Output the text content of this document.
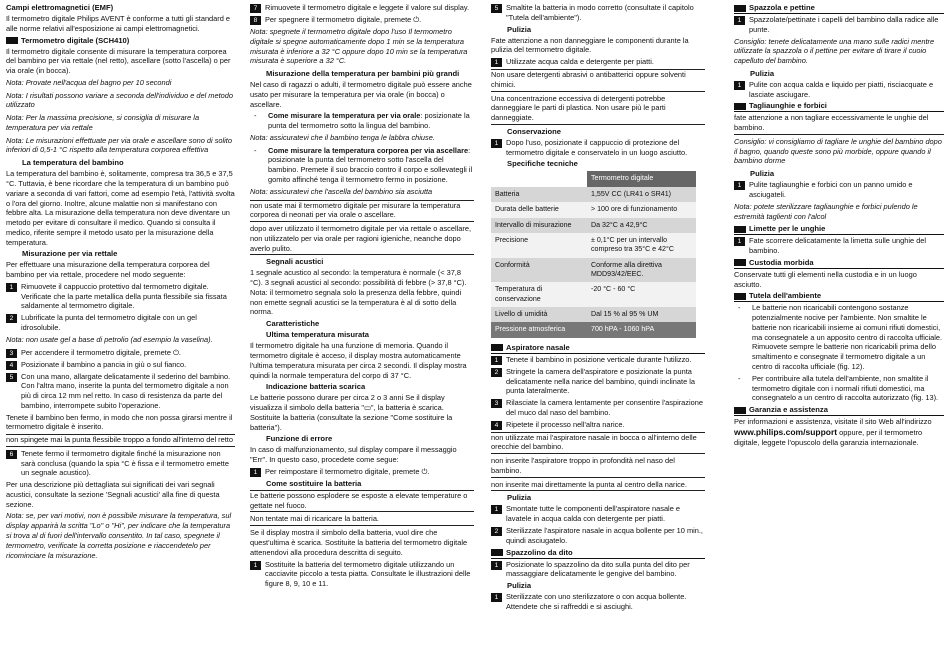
Campi elettromagnetici (EMF)

Il termometro digitale Philips AVENT è conforme a tutti gli standard e alle norme relativi all'esposizione ai campi elettromagnetici.

Termometro digitale (SCH410)

Il termometro digitale consente di misurare la temperatura corporea del bambino per via rettale (nel retto), ascellare (sotto l'ascella) o per via orale (in bocca).

Nota: Provate nell'acqua del bagno per 10 secondi

Nota: I risultati possono variare a seconda dell'individuo e del metodo utilizzato

Nota: Per la massima precisione, si consiglia di misurare la temperatura per via rettale

Nota: Le misurazioni effettuate per via orale e ascellare sono di solito inferiori di 0,5-1 °C rispetto alla temperatura corporea effettiva

La temperatura del bambino

La temperatura del bambino è, solitamente, compresa tra 36,5 e 37,5 °C. Tuttavia, è bene ricordare che la temperatura di un bambino può variare a seconda di vari fattori, come ad esempio l'età, l'attività svolta o l'ora del giorno. Inoltre, alcune malattie non si manifestano con febbre alta. La misurazione della temperatura non deve diventare un metodo per evitare di consultare il medico. Quando si consulta il medico, riferite sempre il metodo usato per la misurazione della temperatura.

Misurazione per via rettale

Per effettuare una misurazione della temperatura corporea del bambino per via rettale, procedere nel modo seguente:

1	Rimuovete il cappuccio protettivo dal termometro digitale. Verificate che la parte metallica della punta flessibile sia fissata saldamente al termometro digitale.
2	Lubrificate la punta del termometro digitale con un gel idrosolubile.

Nota: non usate gel a base di petrolio (ad esempio la vaselina).

3	Per accendere il termometro digitale, premete ⏻.
4	Posizionate il bambino a pancia in giù o sul fianco.
5	Con una mano, allargate delicatamente il sederino del bambino. Con l'altra mano, inserite la punta del termometro digitale a non più di circa 12 mm nel retto. In caso di resistenza da parte del bambino, interrompete subito l'operazione.

Tenete il bambino ben fermo, in modo che non possa girarsi mentre il termometro digitale è inserito.

non spingete mai la punta flessibile troppo a fondo all'interno del retto

6	Tenete fermo il termometro digitale finché la misurazione non sarà conclusa (quando la spia °C è fissa e il termometro emette un segnale acustico).

Per una descrizione più dettagliata sui significati dei vari segnali acustici, consultate la sezione 'Segnali acustici' alla fine di questa sezione.

Nota: se, per vari motivi, non è possibile misurare la temperatura, sul display apparirà la scritta "Lo" o "Hi", per indicare che la temperatura si trova al di fuori dell'intervallo consentito. In tal caso, spegnete il termometro, verificate la corretta posizione e riaccendetelo per ricominciare la misurazione.

7	Rimuovete il termometro digitale e leggete il valore sul display.
8	Per spegnere il termometro digitale, premete ⏻.

Nota: spegnete il termometro digitale dopo l'uso Il termometro digitale si spegne automaticamente dopo 1 min se la temperatura misurata è inferiore a 32 °C oppure dopo 10 min se la temperatura misurata è superiore a 32 °C.

Misurazione della temperatura per bambini più grandi

Nel caso di ragazzi o adulti, il termometro digitale può essere anche usato per misurare la temperatura per via orale (in bocca) o ascellare.

-	Come misurare la temperatura per via orale: posizionate la punta del termometro sotto la lingua del bambino.

Nota: assicuratevi che il bambino tenga le labbra chiuse.

-	Come misurare la temperatura corporea per via ascellare: posizionate la punta del termometro sotto l'ascella del bambino. Premete il suo braccio contro il corpo e sollevategli il gomito affinché tenga il termometro fermo in posizione.

Nota: assicuratevi che l'ascella del bambino sia asciutta

non usate mai il termometro digitale per misurare la temperatura corporea di neonati per via orale o ascellare.

dopo aver utilizzato il termometro digitale per via rettale o ascellare, non utilizzatelo per via orale per ragioni igieniche, neanche dopo averlo pulito.

Segnali acustici

1 segnale acustico al secondo: la temperatura è normale (< 37,8 °C). 3 segnali acustici al secondo: possibilità di febbre (> 37,8 °C). Nota: il termometro segnala solo la presenza della febbre, quindi non emette segnali acustici se la temperatura è al di sotto della norma.

Caratteristiche
Ultima temperatura misurata

Il termometro digitale ha una funzione di memoria. Quando il termometro digitale è acceso, il display mostra automaticamente l'ultima temperatura misurata per circa 2 secondi. Il display mostra quindi la normale temperatura del corpo di 37 °C.

Indicazione batteria scarica

Le batterie possono durare per circa 2 o 3 anni Se il display visualizza il simbolo della batteria "▭", la batteria è scarica. Sostituite la batteria (consultate la sezione "Come sostituire la batteria").

Funzione di errore

In caso di malfunzionamento, sul display compare il messaggio "Err". In questo caso, procedete come segue:

1	Per reimpostare il termometro digitale, premete ⏻.
Come sostituire la batteria

Le batterie possono esplodere se esposte a elevate temperature o gettate nel fuoco.

Non tentate mai di ricaricare la batteria.

Se il display mostra il simbolo della batteria, vuol dire che quest'ultima è scarica. Sostituite la batteria del termometro digitale attenendovi alla procedura descritta di seguito.

1	Sostituite la batteria del termometro digitale utilizzando un cacciavite piccolo a testa piatta. Consultate le illustrazioni delle figure 8, 9, 10 e 11.
5	Smaltite la batteria in modo corretto (consultate il capitolo "Tutela dell'ambiente").
Pulizia

Fate attenzione a non danneggiare le componenti durante la pulizia del termometro digitale.

1	Utilizzate acqua calda e detergente per piatti.

Non usare detergenti abrasivi o antibatterici oppure solventi chimici.

Una concentrazione eccessiva di detergenti potrebbe danneggiare le parti di plastica. Non usare più le parti danneggiate.

Conservazione
1	Dopo l'uso, posizionate il cappuccio di protezione del termometro digitale e conservatelo in un luogo asciutto.
Specifiche tecniche
	Termometro digitale
Batteria	1,55V CC (LR41 o SR41)
Durata delle batterie	> 100 ore di funzionamento
Intervallo di misurazione	Da 32°C a 42,9°C
Precisione	± 0,1°C per un intervallo compreso tra 35°C e 42°C
Conformità	Conforme alla direttiva MDD93/42/EEC.
Temperatura di conservazione	-20 °C - 60 °C
Livello di umidità	Dal 15 % al 95 % UM
Pressione atmosferica	700 hPA - 1060 hPA
Aspiratore nasale
1	Tenete il bambino in posizione verticale durante l'utilizzo.
2	Stringete la camera dell'aspiratore e posizionate la punta delicatamente nella narice del bambino, quindi inclinate la punta lateralmente.
3	Rilasciate la camera lentamente per consentire l'aspirazione del muco dal naso del bambino.
4	Ripetete il processo nell'altra narice.

non utilizzate mai l'aspiratore nasale in bocca o all'interno delle orecchie del bambino.

non inserite l'aspiratore troppo in profondità nel naso del bambino.

non inserite mai direttamente la punta al centro della narice.

Pulizia
1	Smontate tutte le componenti dell'aspiratore nasale e lavatele in acqua calda con detergente per piatti.
2	Sterilizzate l'aspiratore nasale in acqua bollente per 10 min., quindi asciugatelo.
Spazzolino da dito
1	Posizionate lo spazzolino da dito sulla punta del dito per massaggiare delicatamente le gengive del bambino.
Pulizia
1	Sterilizzate con uno sterilizzatore o con acqua bollente. Attendete che si raffreddi e si asciughi.
Spazzola e pettine
1	Spazzolate/pettinate i capelli del bambino dalla radice alle punte.

Consiglio: tenete delicatamente una mano sulle radici mentre utilizzate la spazzola o il pettine per evitare di tirare il cuoio capelluto del bambino.

Pulizia
1	Pulite con acqua calda e liquido per piatti, risciacquate e lasciate asciugare.
Tagliaunghie e forbici

fate attenzione a non tagliare eccessivamente le unghie del bambino.

Consiglio: vi consigliamo di tagliare le unghie del bambino dopo il bagno, quando queste sono più morbide, oppure quando il bambino dorme

Pulizia
1	Pulite tagliaunghie e forbici con un panno umido e asciugateli.

Nota: potete sterilizzare tagliaunghie e forbici pulendo le estremità taglienti con l'alcol

Limette per le unghie
1	Fate scorrere delicatamente la limetta sulle unghie del bambino.
Custodia morbida

Conservate tutti gli elementi nella custodia e in un luogo asciutto.

Tutela dell'ambiente
-	Le batterie non ricaricabili contengono sostanze potenzialmente nocive per l'ambiente. Non smaltite le batterie non ricaricabili insieme ai comuni rifiuti domestici, ma consegnatele a un apposito centro di raccolta ufficiale. Rimuovete sempre le batterie non ricaricabili prima dello smaltimento e consegnate il termometro digitale a un centro di raccolta ufficiale (fig. 12).
-	Per contribuire alla tutela dell'ambiente, non smaltite il termometro digitale con i normali rifiuti domestici, ma consegnatelo a un centro di raccolta autorizzato (fig. 13).
Garanzia e assistenza

Per informazioni e assistenza, visitate il sito Web all'indirizzo www.philips.com/support oppure, per il termometro digitale, leggete l'opuscolo della garanzia internazionale.
